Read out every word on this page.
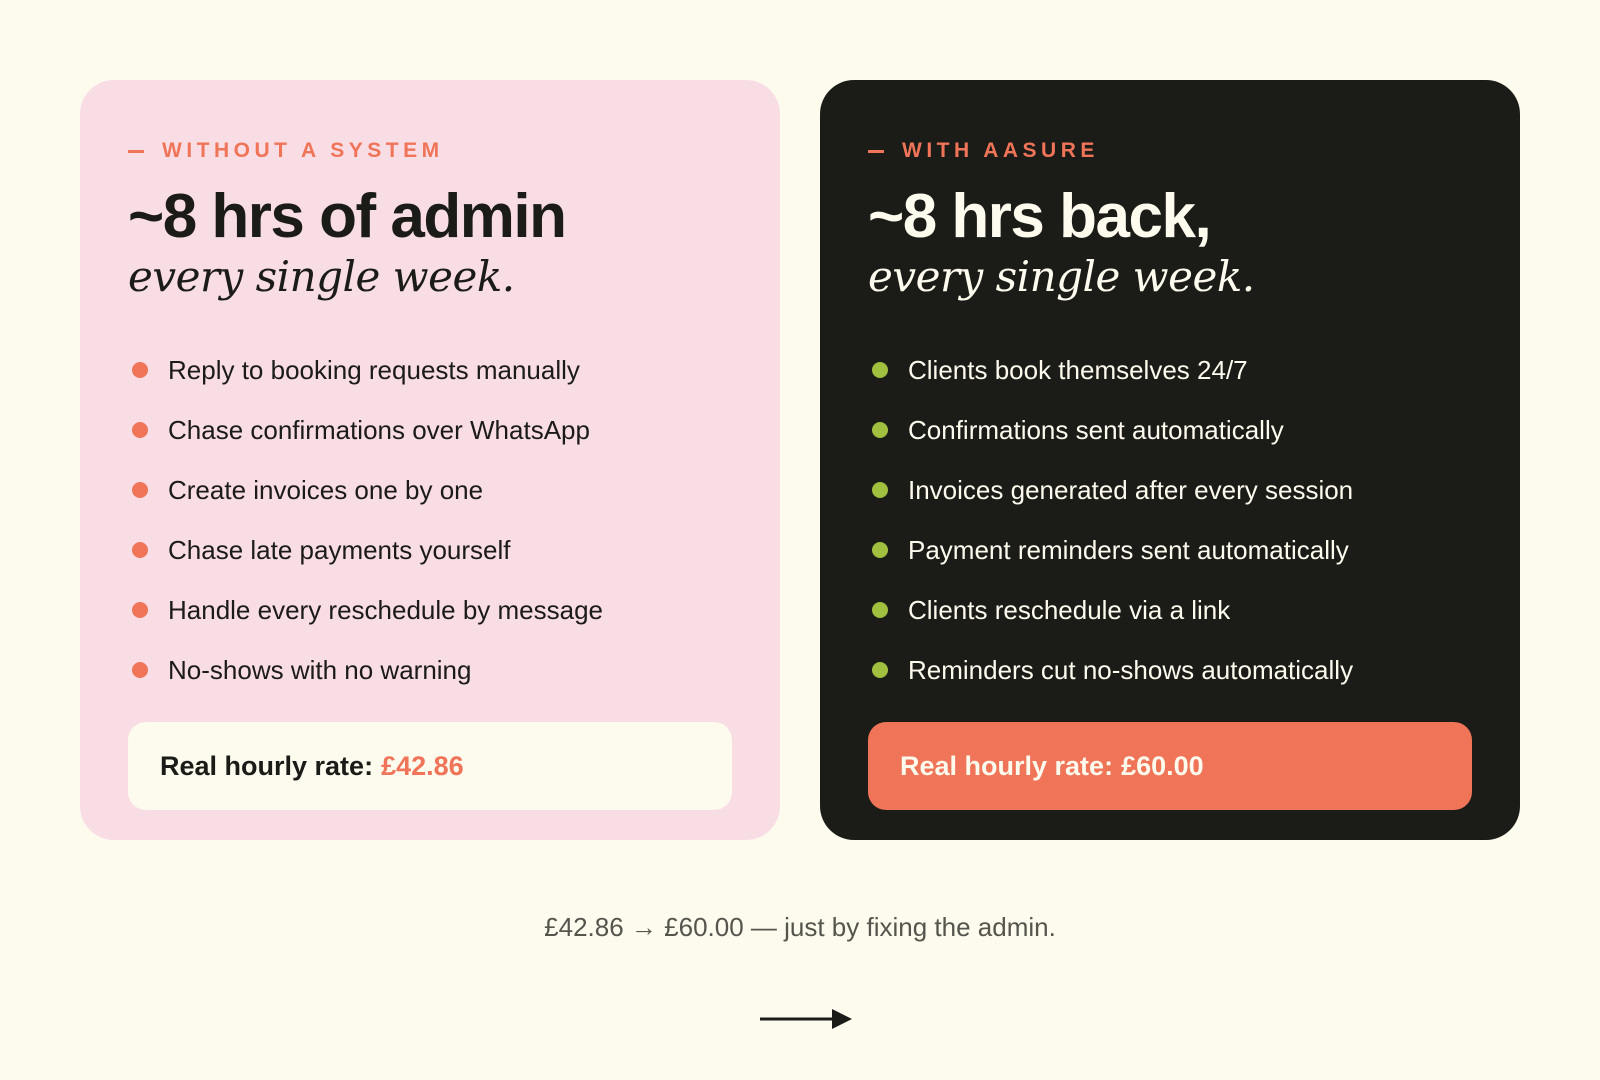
WITHOUT A SYSTEM
~8 hrs of admin
every single week.
Reply to booking requests manually
Chase confirmations over WhatsApp
Create invoices one by one
Chase late payments yourself
Handle every reschedule by message
No-shows with no warning
Real hourly rate: £42.86
WITH AASURE
~8 hrs back,
every single week.
Clients book themselves 24/7
Confirmations sent automatically
Invoices generated after every session
Payment reminders sent automatically
Clients reschedule via a link
Reminders cut no-shows automatically
Real hourly rate: £60.00
£42.86 → £60.00 — just by fixing the admin.
